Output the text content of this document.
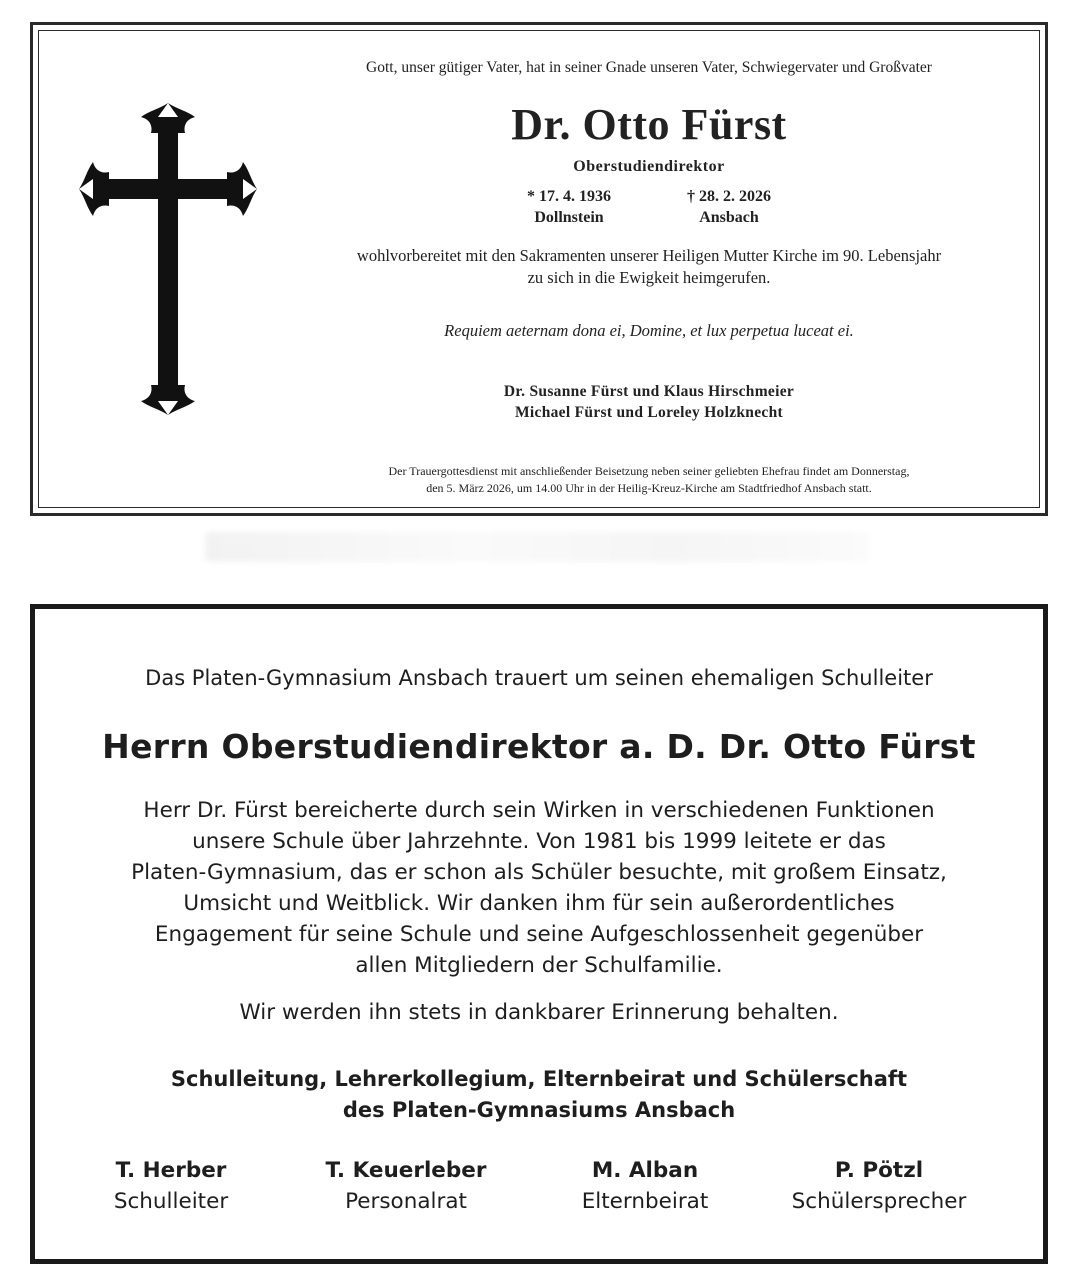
Gott, unser gütiger Vater, hat in seiner Gnade unseren Vater, Schwiegervater und Großvater
Dr. Otto Fürst
Oberstudiendirektor
* 17. 4. 1936
Dollnstein
† 28. 2. 2026
Ansbach
wohlvorbereitet mit den Sakramenten unserer Heiligen Mutter Kirche im 90. Lebensjahr
zu sich in die Ewigkeit heimgerufen.
Requiem aeternam dona ei, Domine, et lux perpetua luceat ei.
Dr. Susanne Fürst und Klaus Hirschmeier
Michael Fürst und Loreley Holzknecht
Der Trauergottesdienst mit anschließender Beisetzung neben seiner geliebten Ehefrau findet am Donnerstag,
den 5. März 2026, um 14.00 Uhr in der Heilig-Kreuz-Kirche am Stadtfriedhof Ansbach statt.
Das Platen-Gymnasium Ansbach trauert um seinen ehemaligen Schulleiter
Herrn Oberstudiendirektor a. D. Dr. Otto Fürst
Herr Dr. Fürst bereicherte durch sein Wirken in verschiedenen Funktionen
unsere Schule über Jahrzehnte. Von 1981 bis 1999 leitete er das
Platen-Gymnasium, das er schon als Schüler besuchte, mit großem Einsatz,
Umsicht und Weitblick. Wir danken ihm für sein außerordentliches
Engagement für seine Schule und seine Aufgeschlossenheit gegenüber
allen Mitgliedern der Schulfamilie.
Wir werden ihn stets in dankbarer Erinnerung behalten.
Schulleitung, Lehrerkollegium, Elternbeirat und Schülerschaft
des Platen-Gymnasiums Ansbach
T. Herber
Schulleiter
T. Keuerleber
Personalrat
M. Alban
Elternbeirat
P. Pötzl
Schülersprecher
